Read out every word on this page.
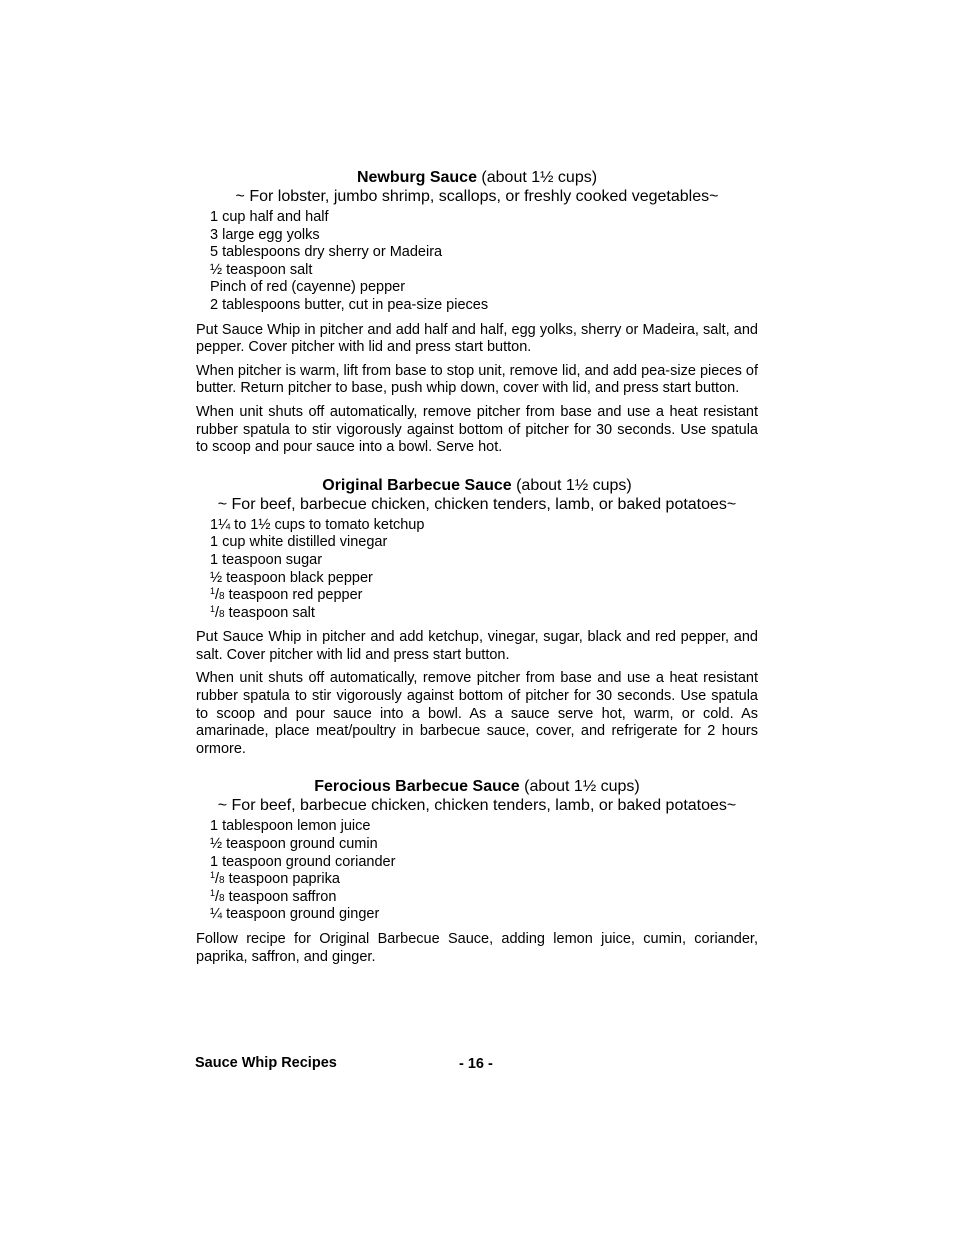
Newburg Sauce (about 1½ cups)
~ For lobster, jumbo shrimp, scallops, or freshly cooked vegetables~
1 cup half and half
3 large egg yolks
5 tablespoons dry sherry or Madeira
½ teaspoon salt
Pinch of red (cayenne) pepper
2 tablespoons butter, cut in pea-size pieces

Put Sauce Whip in pitcher and add half and half, egg yolks, sherry or Madeira, salt, and pepper. Cover pitcher with lid and press start button.

When pitcher is warm, lift from base to stop unit, remove lid, and add pea-size pieces of butter. Return pitcher to base, push whip down, cover with lid, and press start button.

When unit shuts off automatically, remove pitcher from base and use a heat resistant rubber spatula to stir vigorously against bottom of pitcher for 30 seconds. Use spatula to scoop and pour sauce into a bowl. Serve hot.

Original Barbecue Sauce (about 1½ cups)
~ For beef, barbecue chicken, chicken tenders, lamb, or baked potatoes~
1¼ to 1½ cups to tomato ketchup
1 cup white distilled vinegar
1 teaspoon sugar
½ teaspoon black pepper
$^1$/8 teaspoon red pepper
$^1$/8 teaspoon salt

Put Sauce Whip in pitcher and add ketchup, vinegar, sugar, black and red pepper, and salt. Cover pitcher with lid and press start button.

When unit shuts off automatically, remove pitcher from base and use a heat resistant rubber spatula to stir vigorously against bottom of pitcher for 30 seconds. Use spatula to scoop and pour sauce into a bowl. As a sauce serve hot, warm, or cold. As amarinade, place meat/poultry in barbecue sauce, cover, and refrigerate for 2 hours ormore.

Ferocious Barbecue Sauce (about 1½ cups)
~ For beef, barbecue chicken, chicken tenders, lamb, or baked potatoes~
1 tablespoon lemon juice
½ teaspoon ground cumin
1 teaspoon ground coriander
$^1$/8 teaspoon paprika
$^1$/8 teaspoon saffron
¼ teaspoon ground ginger

Follow recipe for Original Barbecue Sauce, adding lemon juice, cumin, coriander, paprika, saffron, and ginger.

Sauce Whip Recipes	- 16 -
